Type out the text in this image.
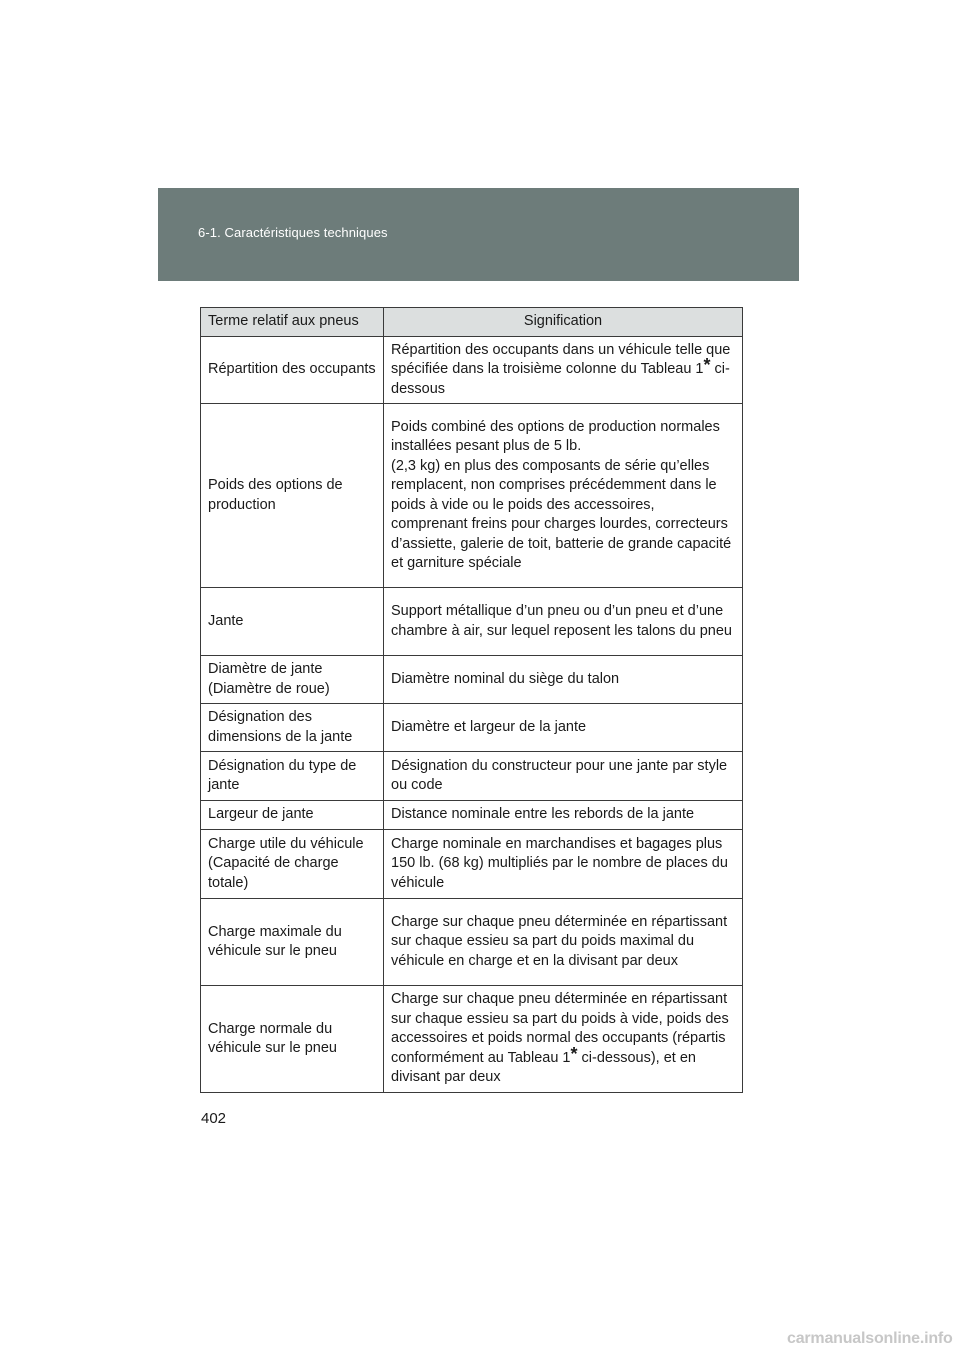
6-1. Caractéristiques techniques
Terme relatif aux pneus	Signification
Répartition des occupants	Répartition des occupants dans un véhicule telle que spécifiée dans la troisième colonne du Tableau 1* ci-dessous
Poids des options de production	Poids combiné des options de production normales installées pesant plus de 5 lb.
(2,3 kg) en plus des composants de série qu’elles remplacent, non comprises précédemment dans le poids à vide ou le poids des accessoires, comprenant freins pour charges lourdes, correcteurs d’assiette, galerie de toit, batterie de grande capacité et garniture spéciale
Jante	Support métallique d’un pneu ou d’un pneu et d’une chambre à air, sur lequel reposent les talons du pneu
Diamètre de jante (Diamètre de roue)	Diamètre nominal du siège du talon
Désignation des dimensions de la jante	Diamètre et largeur de la jante
Désignation du type de jante	Désignation du constructeur pour une jante par style ou code
Largeur de jante	Distance nominale entre les rebords de la jante
Charge utile du véhicule (Capacité de charge totale)	Charge nominale en marchandises et bagages plus 150 lb. (68 kg) multipliés par le nombre de places du véhicule
Charge maximale du véhicule sur le pneu	Charge sur chaque pneu déterminée en répartissant sur chaque essieu sa part du poids maximal du véhicule en charge et en la divisant par deux
Charge normale du véhicule sur le pneu	Charge sur chaque pneu déterminée en répartissant sur chaque essieu sa part du poids à vide, poids des accessoires et poids normal des occupants (répartis conformément au Tableau 1* ci-dessous), et en divisant par deux
402
carmanualsonline.info
